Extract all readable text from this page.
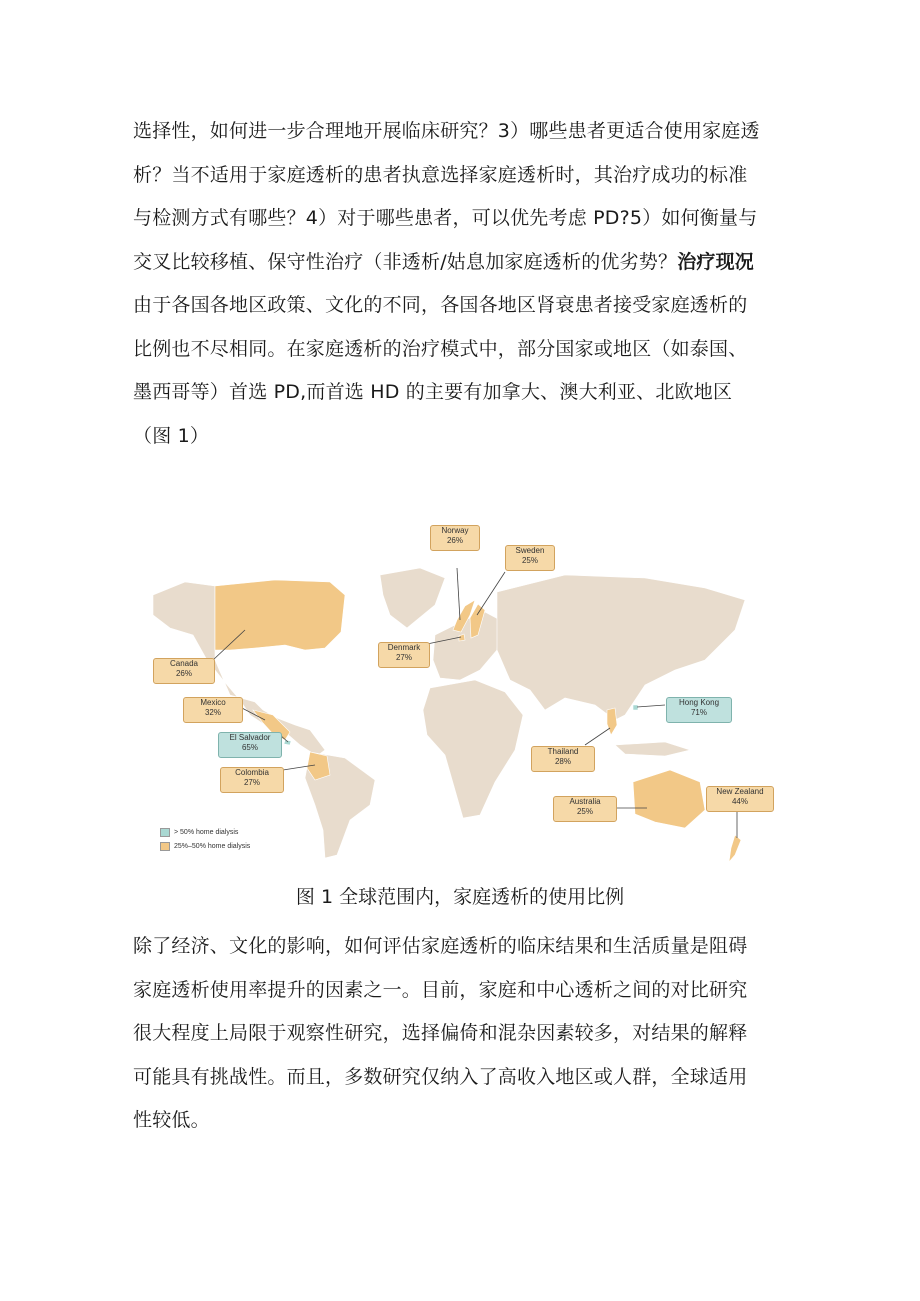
选择性，如何进一步合理地开展临床研究？3）哪些患者更适合使用家庭透
析？当不适用于家庭透析的患者执意选择家庭透析时，其治疗成功的标准
与检测方式有哪些？4）对于哪些患者，可以优先考虑 PD?5）如何衡量与
交叉比较移植、保守性治疗（非透析/姑息加家庭透析的优劣势？治疗现况
由于各国各地区政策、文化的不同，各国各地区肾衰患者接受家庭透析的
比例也不尽相同。在家庭透析的治疗模式中，部分国家或地区（如泰国、
墨西哥等）首选 PD,而首选 HD 的主要有加拿大、澳大利亚、北欧地区
（图 1）
Norway
26%
Sweden
25%
Denmark
27%
Canada
26%
Mexico
32%
El Salvador
65%
Colombia
27%
Hong Kong
71%
Thailand
28%
Australia
25%
New Zealand
44%
> 50% home dialysis
25%–50% home dialysis
图 1 全球范围内，家庭透析的使用比例
除了经济、文化的影响，如何评估家庭透析的临床结果和生活质量是阻碍
家庭透析使用率提升的因素之一。目前，家庭和中心透析之间的对比研究
很大程度上局限于观察性研究，选择偏倚和混杂因素较多，对结果的解释
可能具有挑战性。而且，多数研究仅纳入了高收入地区或人群，全球适用
性较低。
